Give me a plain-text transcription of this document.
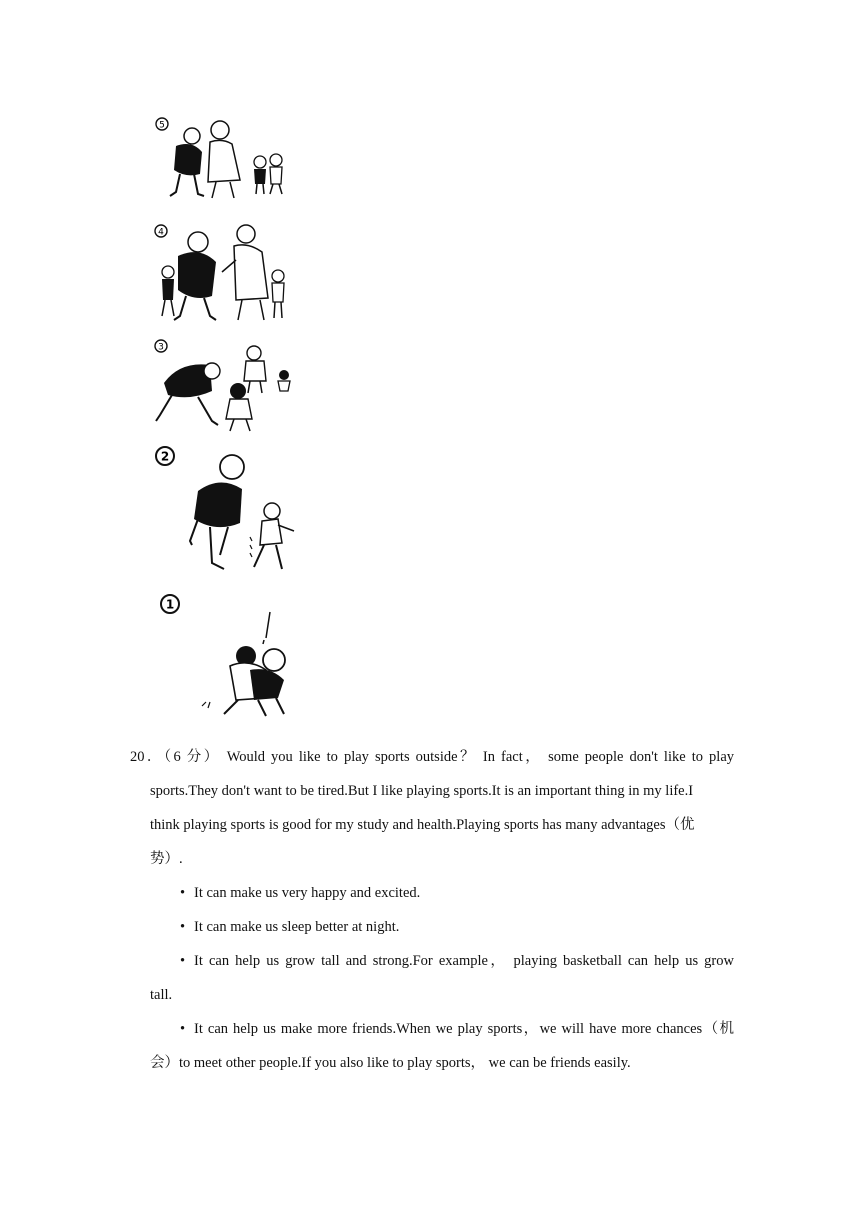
5
4
3
2
1
20．（6 分） Would you like to play sports outside？ In fact， some people don't like to play
sports.They don't want to be tired.But I like playing sports.It is an important thing in my life.I
think playing sports is good for my study and health.Playing sports has many advantages（优
势）.
• It can make us very happy and excited.
• It can make us sleep better at night.
• It can help us grow tall and strong.For example， playing basketball can help us grow
tall.
• It can help us make more friends.When we play sports，we will have more chances（机
会）to meet other people.If you also like to play sports， we can be friends easily.
